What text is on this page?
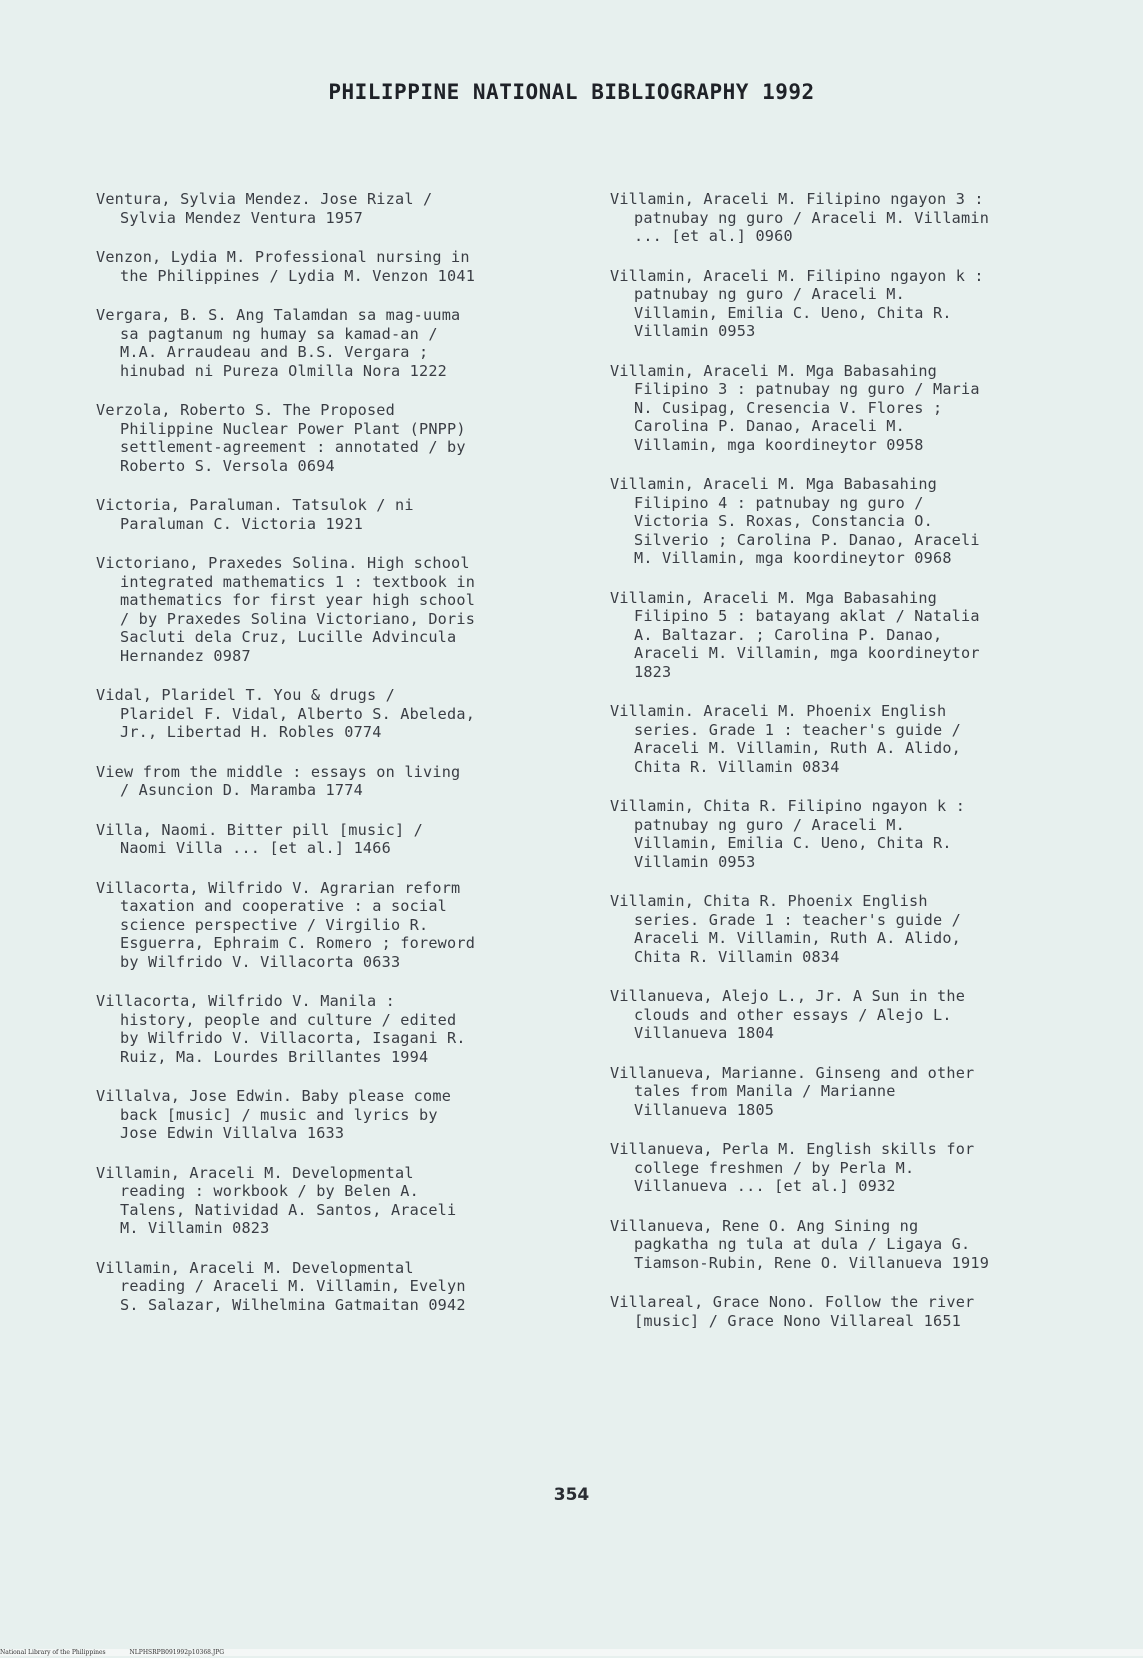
PHILIPPINE NATIONAL BIBLIOGRAPHY 1992

Ventura, Sylvia Mendez. Jose Rizal /
Sylvia Mendez Ventura 1957

Venzon, Lydia M. Professional nursing in
the Philippines / Lydia M. Venzon 1041

Vergara, B. S. Ang Talamdan sa mag-uuma
sa pagtanum ng humay sa kamad-an /
M.A. Arraudeau and B.S. Vergara ;
hinubad ni Pureza Olmilla Nora 1222

Verzola, Roberto S. The Proposed
Philippine Nuclear Power Plant (PNPP)
settlement-agreement : annotated / by
Roberto S. Versola 0694

Victoria, Paraluman. Tatsulok / ni
Paraluman C. Victoria 1921

Victoriano, Praxedes Solina. High school
integrated mathematics 1 : textbook in
mathematics for first year high school
/ by Praxedes Solina Victoriano, Doris
Sacluti dela Cruz, Lucille Advincula
Hernandez 0987

Vidal, Plaridel T. You & drugs /
Plaridel F. Vidal, Alberto S. Abeleda,
Jr., Libertad H. Robles 0774

View from the middle : essays on living
/ Asuncion D. Maramba 1774

Villa, Naomi. Bitter pill [music] /
Naomi Villa ... [et al.] 1466

Villacorta, Wilfrido V. Agrarian reform
taxation and cooperative : a social
science perspective / Virgilio R.
Esguerra, Ephraim C. Romero ; foreword
by Wilfrido V. Villacorta 0633

Villacorta, Wilfrido V. Manila :
history, people and culture / edited
by Wilfrido V. Villacorta, Isagani R.
Ruiz, Ma. Lourdes Brillantes 1994

Villalva, Jose Edwin. Baby please come
back [music] / music and lyrics by
Jose Edwin Villalva 1633

Villamin, Araceli M. Developmental
reading : workbook / by Belen A.
Talens, Natividad A. Santos, Araceli
M. Villamin 0823

Villamin, Araceli M. Developmental
reading / Araceli M. Villamin, Evelyn
S. Salazar, Wilhelmina Gatmaitan 0942

Villamin, Araceli M. Filipino ngayon 3 :
patnubay ng guro / Araceli M. Villamin
... [et al.] 0960

Villamin, Araceli M. Filipino ngayon k :
patnubay ng guro / Araceli M.
Villamin, Emilia C. Ueno, Chita R.
Villamin 0953

Villamin, Araceli M. Mga Babasahing
Filipino 3 : patnubay ng guro / Maria
N. Cusipag, Cresencia V. Flores ;
Carolina P. Danao, Araceli M.
Villamin, mga koordineytor 0958

Villamin, Araceli M. Mga Babasahing
Filipino 4 : patnubay ng guro /
Victoria S. Roxas, Constancia O.
Silverio ; Carolina P. Danao, Araceli
M. Villamin, mga koordineytor 0968

Villamin, Araceli M. Mga Babasahing
Filipino 5 : batayang aklat / Natalia
A. Baltazar. ; Carolina P. Danao,
Araceli M. Villamin, mga koordineytor
1823

Villamin. Araceli M. Phoenix English
series. Grade 1 : teacher's guide /
Araceli M. Villamin, Ruth A. Alido,
Chita R. Villamin 0834

Villamin, Chita R. Filipino ngayon k :
patnubay ng guro / Araceli M.
Villamin, Emilia C. Ueno, Chita R.
Villamin 0953

Villamin, Chita R. Phoenix English
series. Grade 1 : teacher's guide /
Araceli M. Villamin, Ruth A. Alido,
Chita R. Villamin 0834

Villanueva, Alejo L., Jr. A Sun in the
clouds and other essays / Alejo L.
Villanueva 1804

Villanueva, Marianne. Ginseng and other
tales from Manila / Marianne
Villanueva 1805

Villanueva, Perla M. English skills for
college freshmen / by Perla M.
Villanueva ... [et al.] 0932

Villanueva, Rene O. Ang Sining ng
pagkatha ng tula at dula / Ligaya G.
Tiamson-Rubin, Rene O. Villanueva 1919

Villareal, Grace Nono. Follow the river
[music] / Grace Nono Villareal 1651

354
National Library of the Philippines	NLPHSRPB091992p10368.JPG
